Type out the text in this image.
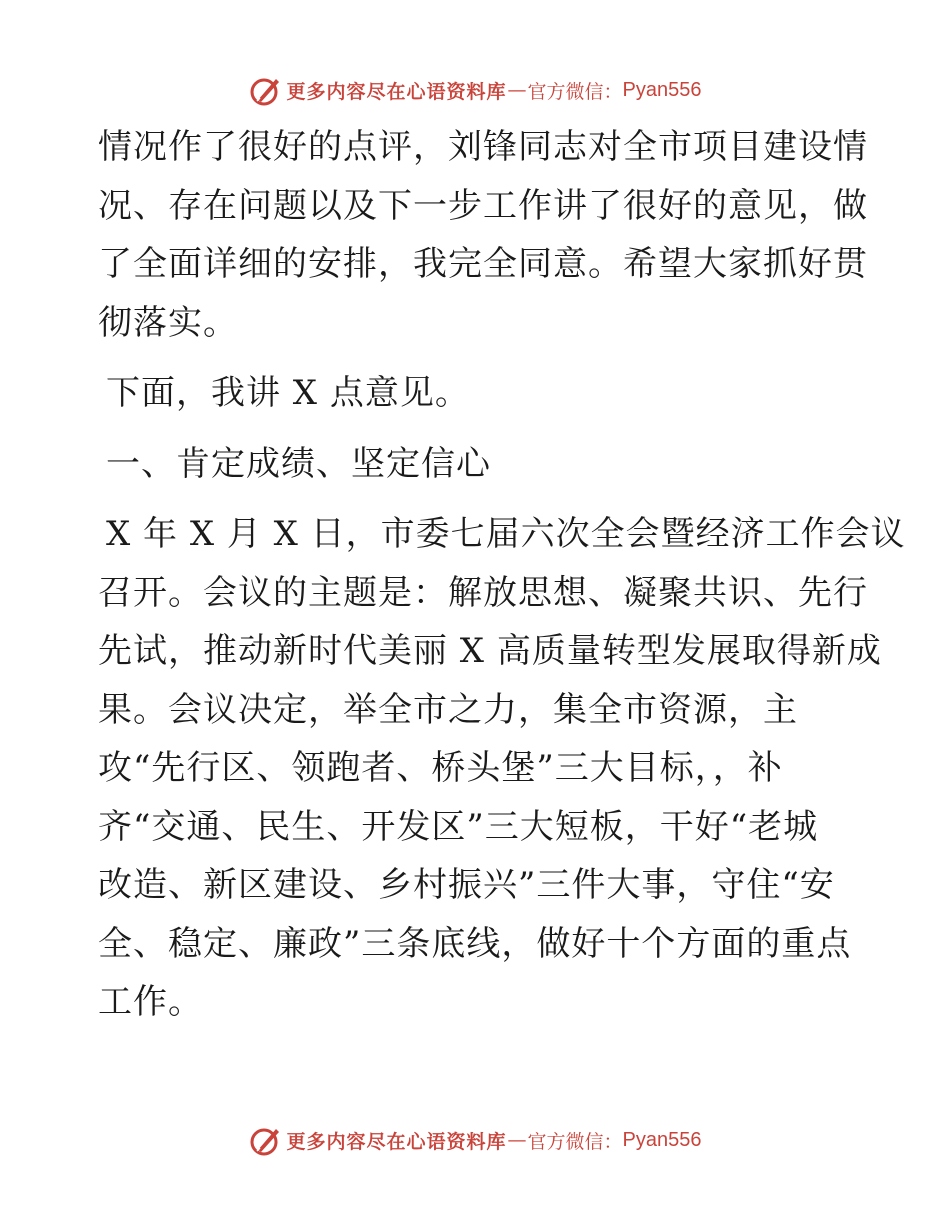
更多内容尽在心语资料库 — 官方微信： Pyan556

情况作了很好的点评，刘锋同志对全市项目建设情
况、存在问题以及下一步工作讲了很好的意见，做
了全面详细的安排，我完全同意。希望大家抓好贯
彻落实。

下面，我讲 X 点意见。

一、肯定成绩、坚定信心

X 年 X 月 X 日，市委七届六次全会暨经济工作会议
召开。会议的主题是：解放思想、凝聚共识、先行
先试，推动新时代美丽 X 高质量转型发展取得新成
果。会议决定，举全市之力，集全市资源，主
攻“先行区、领跑者、桥头堡”三大目标，，补
齐“交通、民生、开发区”三大短板，干好“老城
改造、新区建设、乡村振兴”三件大事，守住“安
全、稳定、廉政”三条底线，做好十个方面的重点
工作。

更多内容尽在心语资料库 — 官方微信： Pyan556
